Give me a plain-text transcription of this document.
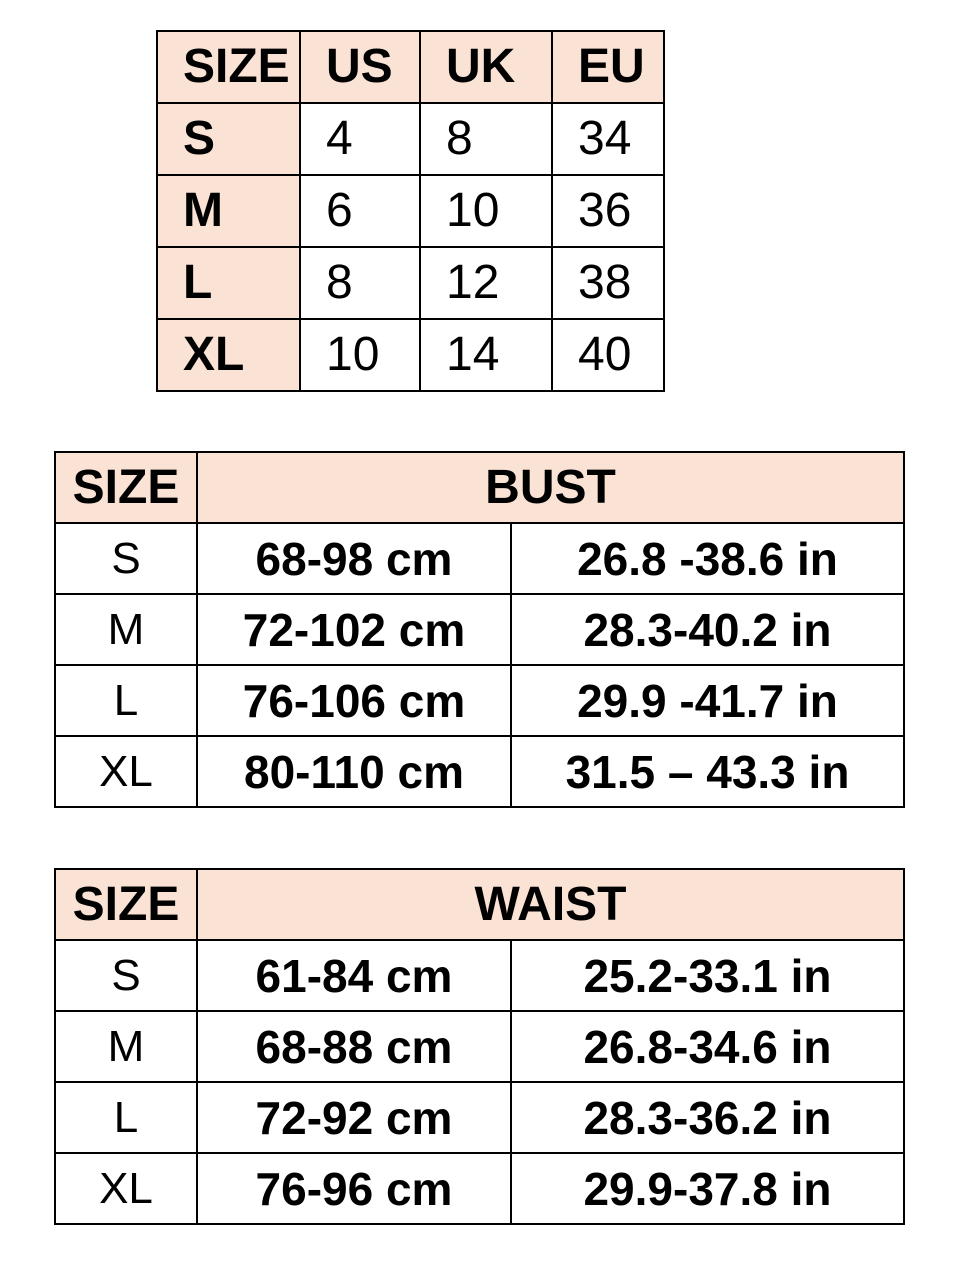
SIZE	US	UK	EU
S	4	8	34
M	6	10	36
L	8	12	38
XL	10	14	40
SIZE	BUST	
S	68-98 cm	26.8 -38.6 in
M	72-102 cm	28.3-40.2 in
L	76-106 cm	29.9 -41.7 in
XL	80-110 cm	31.5 – 43.3 in
SIZE	WAIST	
S	61-84 cm	25.2-33.1 in
M	68-88 cm	26.8-34.6 in
L	72-92 cm	28.3-36.2 in
XL	76-96 cm	29.9-37.8 in
